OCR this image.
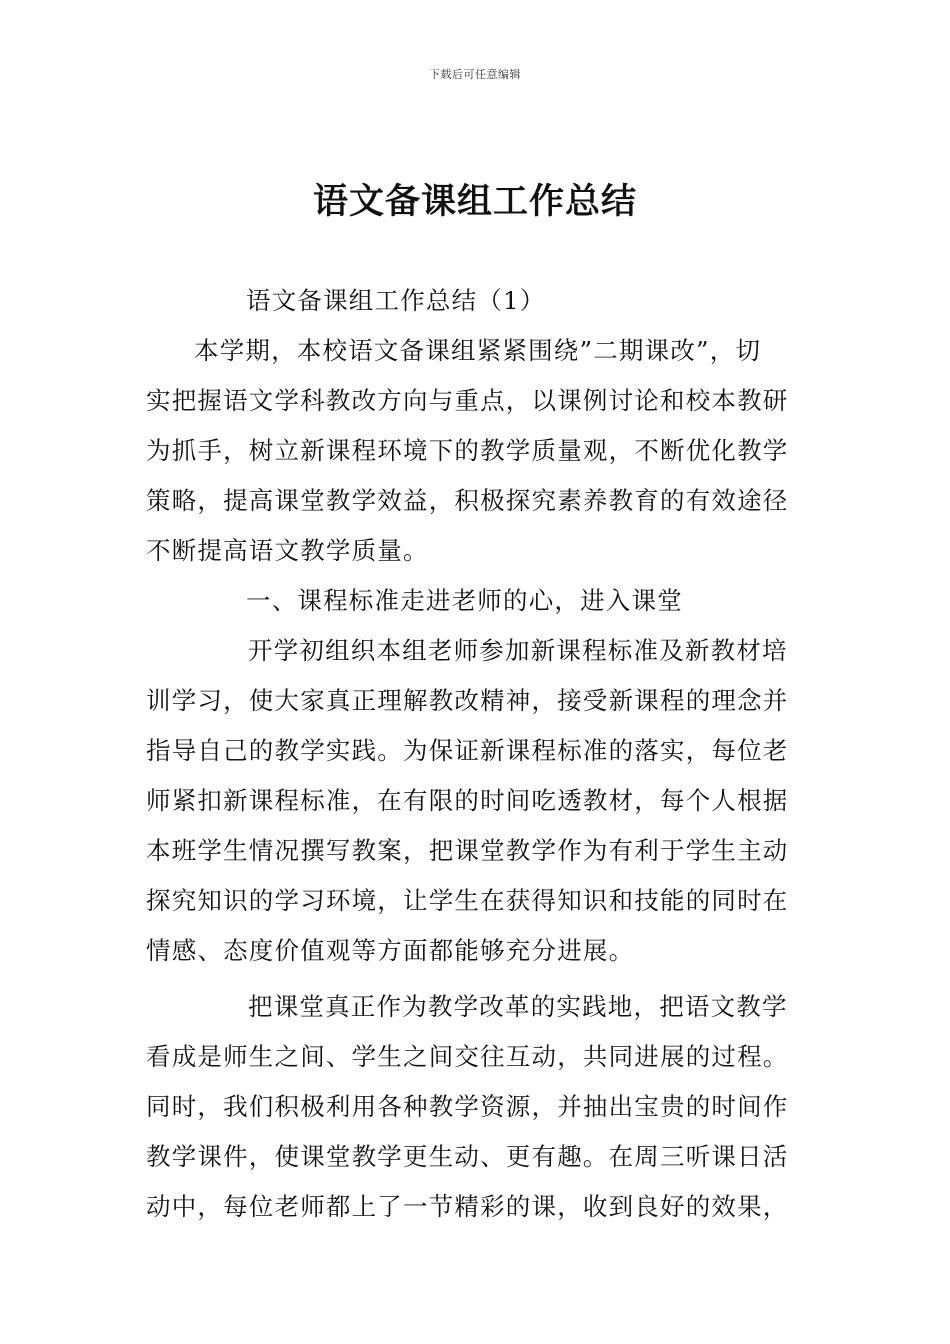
下载后可任意编辑
语文备课组工作总结
语文备课组工作总结（1）
本学期，本校语文备课组紧紧围绕”二期课改”，切
实把握语文学科教改方向与重点，以课例讨论和校本教研
为抓手，树立新课程环境下的教学质量观，不断优化教学
策略，提高课堂教学效益，积极探究素养教育的有效途径
不断提高语文教学质量。
一、课程标准走进老师的心，进入课堂
开学初组织本组老师参加新课程标准及新教材培
训学习，使大家真正理解教改精神，接受新课程的理念并
指导自己的教学实践。为保证新课程标准的落实，每位老
师紧扣新课程标准，在有限的时间吃透教材，每个人根据
本班学生情况撰写教案，把课堂教学作为有利于学生主动
探究知识的学习环境，让学生在获得知识和技能的同时在
情感、态度价值观等方面都能够充分进展。
把课堂真正作为教学改革的实践地，把语文教学
看成是师生之间、学生之间交往互动，共同进展的过程。
同时，我们积极利用各种教学资源，并抽出宝贵的时间作
教学课件，使课堂教学更生动、更有趣。在周三听课日活
动中，每位老师都上了一节精彩的课，收到良好的效果，
